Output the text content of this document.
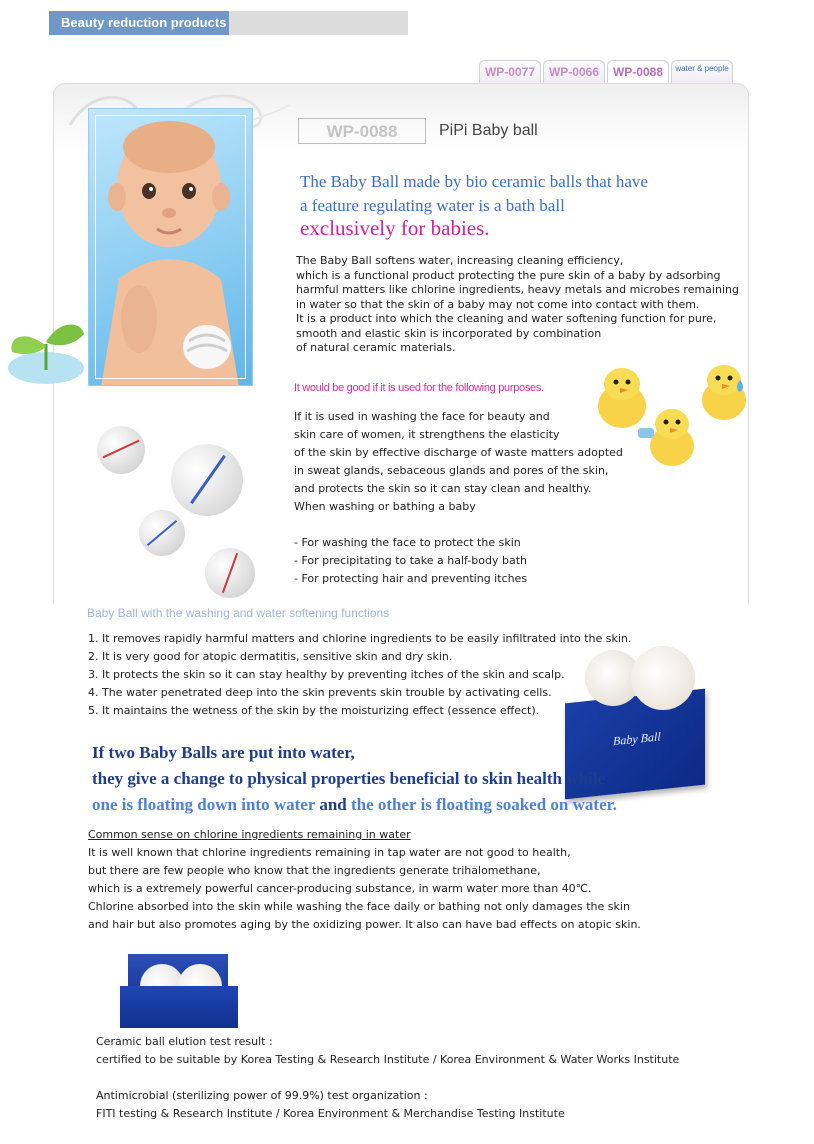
Beauty reduction products
WP-0077	WP-0066	WP-0088	water & people
WP-0088	PiPi Baby ball
The Baby Ball made by bio ceramic balls that have
a feature regulating water is a bath ball
exclusively for babies.
The Baby Ball softens water, increasing cleaning efficiency,
which is a functional product protecting the pure skin of a baby by adsorbing
harmful matters like chlorine ingredients, heavy metals and microbes remaining
in water so that the skin of a baby may not come into contact with them.
It is a product into which the cleaning and water softening function for pure,
smooth and elastic skin is incorporated by combination
of natural ceramic materials.
It would be good if it is used for the following purposes.
If it is used in washing the face for beauty and
skin care of women, it strengthens the elasticity
of the skin by effective discharge of waste matters adopted
in sweat glands, sebaceous glands and pores of the skin,
and protects the skin so it can stay clean and healthy.
When washing or bathing a baby
- For washing the face to protect the skin
- For precipitating to take a half-body bath
- For protecting hair and preventing itches
Baby Ball with the washing and water softening functions
1. It removes rapidly harmful matters and chlorine ingredients to be easily infiltrated into the skin.
2. It is very good for atopic dermatitis, sensitive skin and dry skin.
3. It protects the skin so it can stay healthy by preventing itches of the skin and scalp.
4. The water penetrated deep into the skin prevents skin trouble by activating cells.
5. It maintains the wetness of the skin by the moisturizing effect (essence effect).
Baby Ball
If two Baby Balls are put into water,
they give a change to physical properties beneficial to skin health while
one is floating down into water and the other is floating soaked on water.
Common sense on chlorine ingredients remaining in water
It is well known that chlorine ingredients remaining in tap water are not good to health,
but there are few people who know that the ingredients generate trihalomethane,
which is a extremely powerful cancer-producing substance, in warm water more than 40℃.
Chlorine absorbed into the skin while washing the face daily or bathing not only damages the skin
and hair but also promotes aging by the oxidizing power. It also can have bad effects on atopic skin.
Ceramic ball elution test result :
certified to be suitable by Korea Testing & Research Institute / Korea Environment & Water Works Institute
Antimicrobial (sterilizing power of 99.9%) test organization :
FITI testing & Research Institute / Korea Environment & Merchandise Testing Institute
